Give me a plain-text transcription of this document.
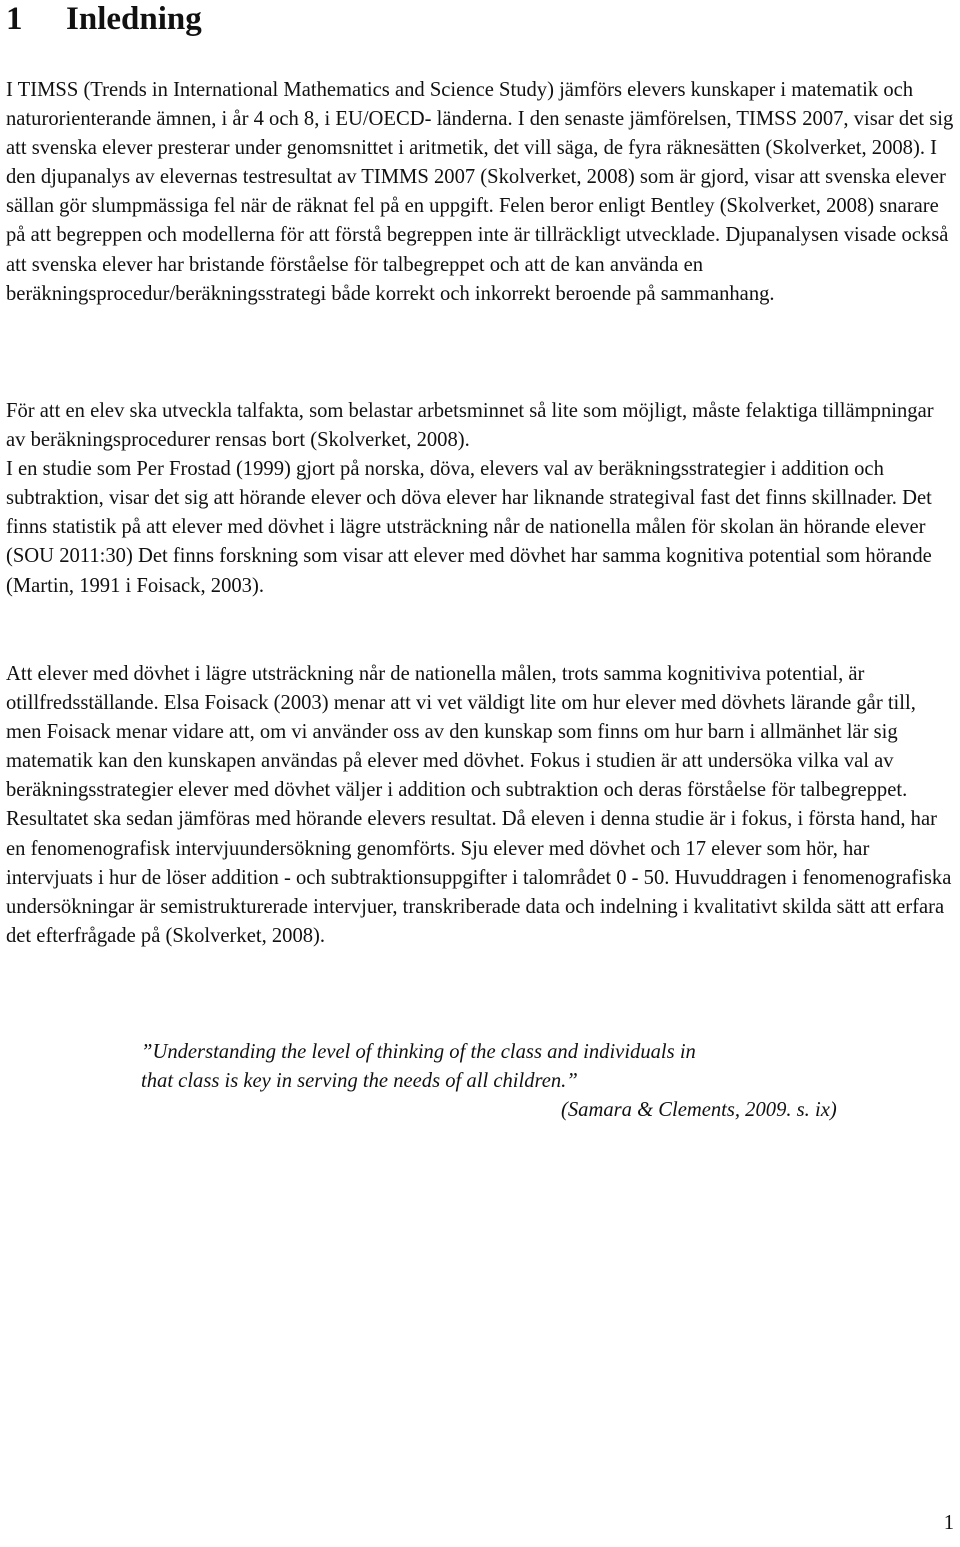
1 Inledning

I TIMSS (Trends in International Mathematics and Science Study) jämförs elevers kunskaper i matematik och naturorienterande ämnen, i år 4 och 8, i EU/OECD- länderna. I den senaste jämförelsen, TIMSS 2007, visar det sig att svenska elever presterar under genomsnittet i aritmetik, det vill säga, de fyra räknesätten (Skolverket, 2008). I den djupanalys av elevernas testresultat av TIMMS 2007 (Skolverket, 2008) som är gjord, visar att svenska elever sällan gör slumpmässiga fel när de räknat fel på en uppgift. Felen beror enligt Bentley (Skolverket, 2008) snarare på att begreppen och modellerna för att förstå begreppen inte är tillräckligt utvecklade. Djupanalysen visade också att svenska elever har bristande förståelse för talbegreppet och att de kan använda en beräkningsprocedur/beräkningsstrategi både korrekt och inkorrekt beroende på sammanhang.

För att en elev ska utveckla talfakta, som belastar arbetsminnet så lite som möjligt, måste felaktiga tillämpningar av beräkningsprocedurer rensas bort (Skolverket, 2008).
I en studie som Per Frostad (1999) gjort på norska, döva, elevers val av beräkningsstrategier i addition och subtraktion, visar det sig att hörande elever och döva elever har liknande strategival fast det finns skillnader. Det finns statistik på att elever med dövhet i lägre utsträckning når de nationella målen för skolan än hörande elever (SOU 2011:30) Det finns forskning som visar att elever med dövhet har samma kognitiva potential som hörande (Martin, 1991 i Foisack, 2003).

Att elever med dövhet i lägre utsträckning når de nationella målen, trots samma kognitiviva potential, är otillfredsställande. Elsa Foisack (2003) menar att vi vet väldigt lite om hur elever med dövhets lärande går till, men Foisack menar vidare att, om vi använder oss av den kunskap som finns om hur barn i allmänhet lär sig matematik kan den kunskapen användas på elever med dövhet. Fokus i studien är att undersöka vilka val av beräkningsstrategier elever med dövhet väljer i addition och subtraktion och deras förståelse för talbegreppet. Resultatet ska sedan jämföras med hörande elevers resultat. Då eleven i denna studie är i fokus, i första hand, har en fenomenografisk intervjuundersökning genomförts. Sju elever med dövhet och 17 elever som hör, har intervjuats i hur de löser addition - och subtraktionsuppgifter i talområdet 0 - 50. Huvuddragen i fenomenografiska undersökningar är semistrukturerade intervjuer, transkriberade data och indelning i kvalitativt skilda sätt att erfara det efterfrågade på (Skolverket, 2008).

”Understanding the level of thinking of the class and individuals in
that class is key in serving the needs of all children.”
(Samara & Clements, 2009. s. ix)
1
